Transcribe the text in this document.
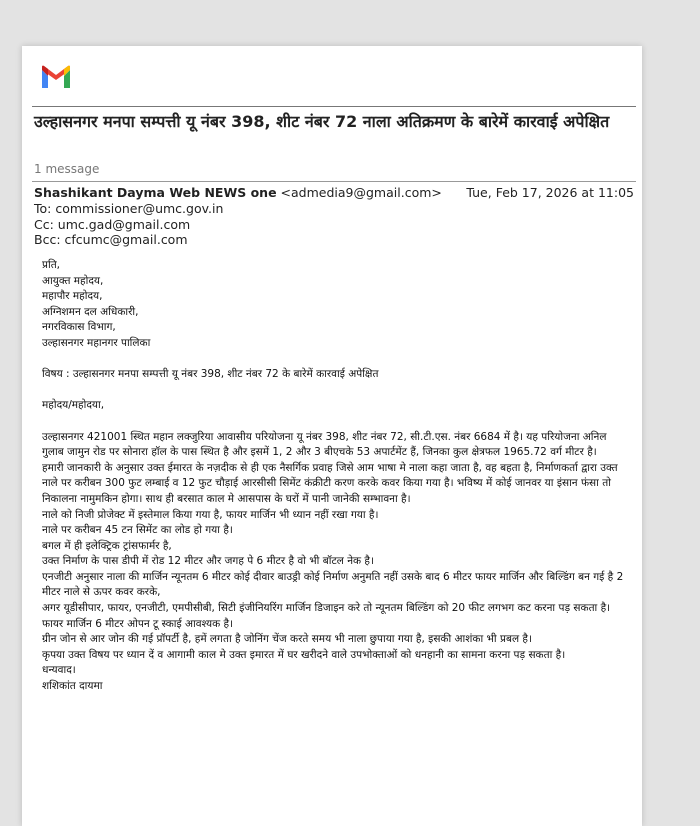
उल्हासनगर मनपा सम्पत्ती यू नंबर 398, शीट नंबर 72 नाला अतिक्रमण के बारेमें कारवाई अपेक्षित
1 message
Shashikant Dayma Web NEWS one <admedia9@gmail.com> Tue, Feb 17, 2026 at 11:05
To: commissioner@umc.gov.in
Cc: umc.gad@gmail.com
Bcc: cfcumc@gmail.com

प्रति,

आयुक्त महोदय,

महापौर महोदय,

अग्निशमन दल अधिकारी,

नगरविकास विभाग,

उल्हासनगर महानगर पालिका

विषय : उल्हासनगर मनपा सम्पत्ती यू नंबर 398, शीट नंबर 72 के बारेमें कारवाई अपेक्षित

महोदय/महोदया,

उल्हासनगर 421001 स्थित महान लक्जुरिया आवासीय परियोजना यू नंबर 398, शीट नंबर 72, सी.टी.एस. नंबर 6684 में है। यह परियोजना अनिल गुलाब जामुन रोड पर सोनारा हॉल के पास स्थित है और इसमें 1, 2 और 3 बीएचके 53 अपार्टमेंट हैं, जिनका कुल क्षेत्रफल 1965.72 वर्ग मीटर है।

हमारी जानकारी के अनुसार उक्त ईमारत के नज़दीक से ही एक नैसर्गिक प्रवाह जिसे आम भाषा मे नाला कहा जाता है, वह बहता है, निर्माणकर्ता द्वारा उक्त नाले पर करीबन 300 फुट लम्बाई व 12 फुट चौड़ाई आरसीसी सिमेंट कंक्रीटी करण करके कवर किया गया है। भविष्य में कोई जानवर या इंसान फंसा तो निकालना नामुमकिन होगा। साथ ही बरसात काल मे आसपास के घरों में पानी जानेकी सम्भावना है।

नाले को निजी प्रोजेक्ट में इस्तेमाल किया गया है, फायर मार्जिन भी ध्यान नहीं रखा गया है।

नाले पर करीबन 45 टन सिमेंट का लोड हो गया है।

बगल में ही इलेक्ट्रिक ट्रांसफार्मर है,

उक्त निर्माण के पास डीपी में रोड 12 मीटर और जगह पे 6 मीटर है वो भी बॉटल नेक है।

एनजीटी अनुसार नाला की मार्जिन न्यूनतम 6 मीटर कोई दीवार बाउड्री कोई निर्माण अनुमति नहीं उसके बाद 6 मीटर फायर मार्जिन और बिल्डिंग बन गई है 2 मीटर नाले से ऊपर कवर करके,

अगर यूडीसीपार, फायर, एनजीटी, एमपीसीबी, सिटी इंजीनियरिंग मार्जिन डिजाइन करे तो न्यूनतम बिल्डिंग को 20 फीट लगभग कट करना पड़ सकता है।

फायर मार्जिन 6 मीटर ओपन टू स्काई आवश्यक है।

ग्रीन जोन से आर जोन की गई प्रॉपर्टी है, हमें लगता है जोनिंग चेंज करते समय भी नाला छुपाया गया है, इसकी आशंका भी प्रबल है।

कृपया उक्त विषय पर ध्यान दें व आगामी काल मे उक्त इमारत में घर खरीदने वाले उपभोक्ताओं को धनहानी का सामना करना पड़ सकता है।

धन्यवाद।

शशिकांत दायमा
